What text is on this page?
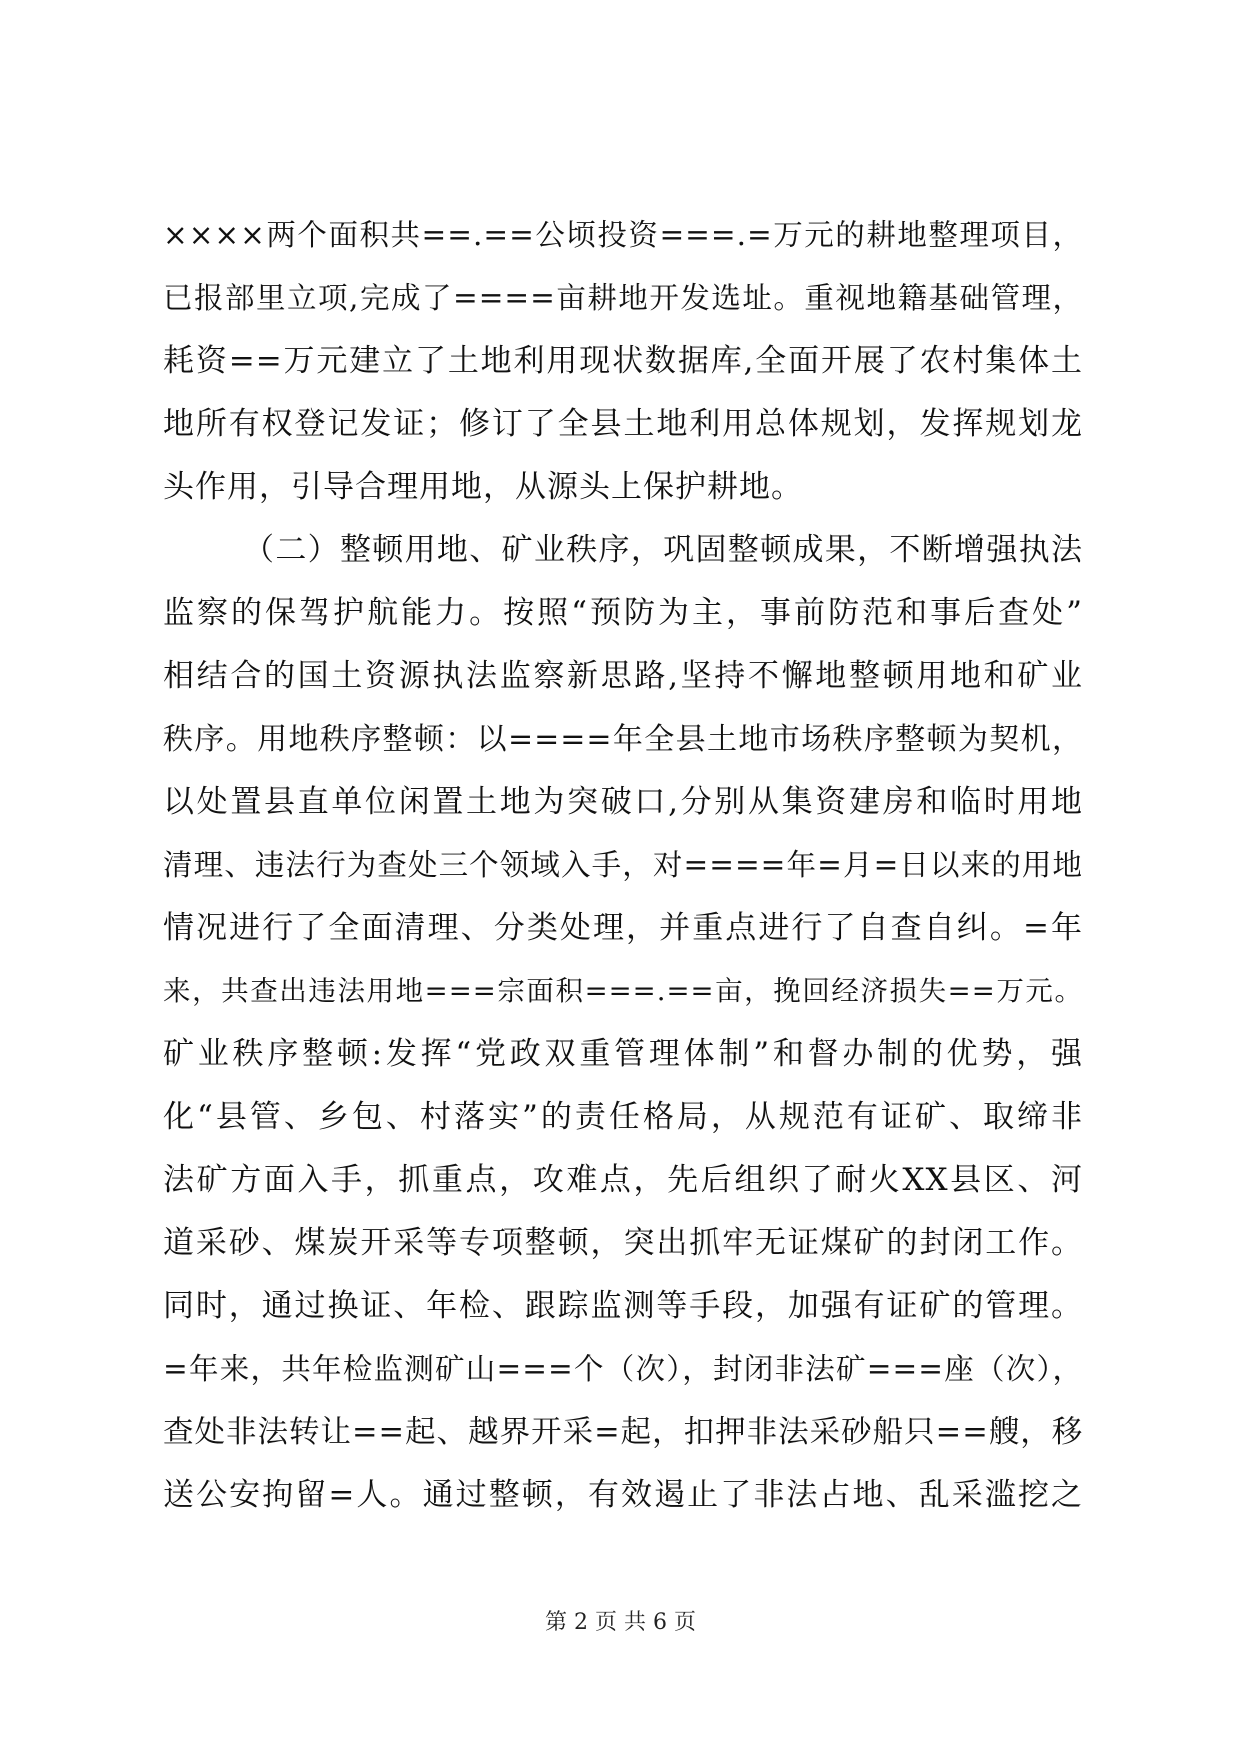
××××两个面积共==.==公顷投资===.=万元的耕地整理项目，
已报部里立项,完成了====亩耕地开发选址。重视地籍基础管理，
耗资==万元建立了土地利用现状数据库,全面开展了农村集体土
地所有权登记发证；修订了全县土地利用总体规划，发挥规划龙
头作用，引导合理用地，从源头上保护耕地。
（二）整顿用地、矿业秩序，巩固整顿成果，不断增强执法
监察的保驾护航能力。按照“预防为主，事前防范和事后查处”
相结合的国土资源执法监察新思路,坚持不懈地整顿用地和矿业
秩序。用地秩序整顿：以====年全县土地市场秩序整顿为契机，
以处置县直单位闲置土地为突破口,分别从集资建房和临时用地
清理、违法行为查处三个领域入手，对====年=月=日以来的用地
情况进行了全面清理、分类处理，并重点进行了自查自纠。=年
来，共查出违法用地===宗面积===.==亩，挽回经济损失==万元。
矿业秩序整顿:发挥“党政双重管理体制”和督办制的优势，强
化“县管、乡包、村落实”的责任格局，从规范有证矿、取缔非
法矿方面入手，抓重点，攻难点，先后组织了耐火XX县区、河
道采砂、煤炭开采等专项整顿，突出抓牢无证煤矿的封闭工作。
同时，通过换证、年检、跟踪监测等手段，加强有证矿的管理。
=年来，共年检监测矿山===个（次），封闭非法矿===座（次），
查处非法转让==起、越界开采=起，扣押非法采砂船只==艘，移
送公安拘留=人。通过整顿，有效遏止了非法占地、乱采滥挖之
第 2 页 共 6 页
